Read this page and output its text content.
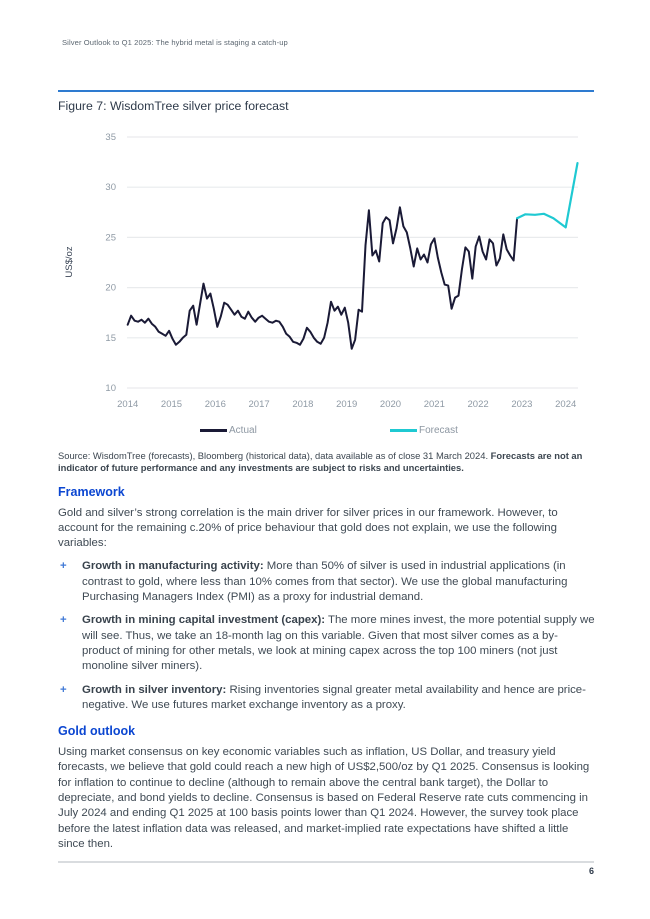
Silver Outlook to Q1 2025: The hybrid metal is staging a catch-up
Figure 7: WisdomTree silver price forecast
35
30
25
20
15
10
2014 2015 2016 2017 2018 2019 2020 2021 2022 2023 2024
US$/oz
Actual	Forecast
Source: WisdomTree (forecasts), Bloomberg (historical data), data available as of close 31 March 2024. Forecasts are not an indicator of future performance and any investments are subject to risks and uncertainties.
Framework
Gold and silver’s strong correlation is the main driver for silver prices in our framework. However, to account for the remaining c.20% of price behaviour that gold does not explain, we use the following variables:
+ Growth in manufacturing activity: More than 50% of silver is used in industrial applications (in contrast to gold, where less than 10% comes from that sector). We use the global manufacturing Purchasing Managers Index (PMI) as a proxy for industrial demand.
+ Growth in mining capital investment (capex): The more mines invest, the more potential supply we will see. Thus, we take an 18-month lag on this variable. Given that most silver comes as a by-product of mining for other metals, we look at mining capex across the top 100 miners (not just monoline silver miners).
+ Growth in silver inventory: Rising inventories signal greater metal availability and hence are price-negative. We use futures market exchange inventory as a proxy.
Gold outlook
Using market consensus on key economic variables such as inflation, US Dollar, and treasury yield forecasts, we believe that gold could reach a new high of US$2,500/oz by Q1 2025. Consensus is looking for inflation to continue to decline (although to remain above the central bank target), the Dollar to depreciate, and bond yields to decline. Consensus is based on Federal Reserve rate cuts commencing in July 2024 and ending Q1 2025 at 100 basis points lower than Q1 2024. However, the survey took place before the latest inflation data was released, and market-implied rate expectations have shifted a little since then.
6
